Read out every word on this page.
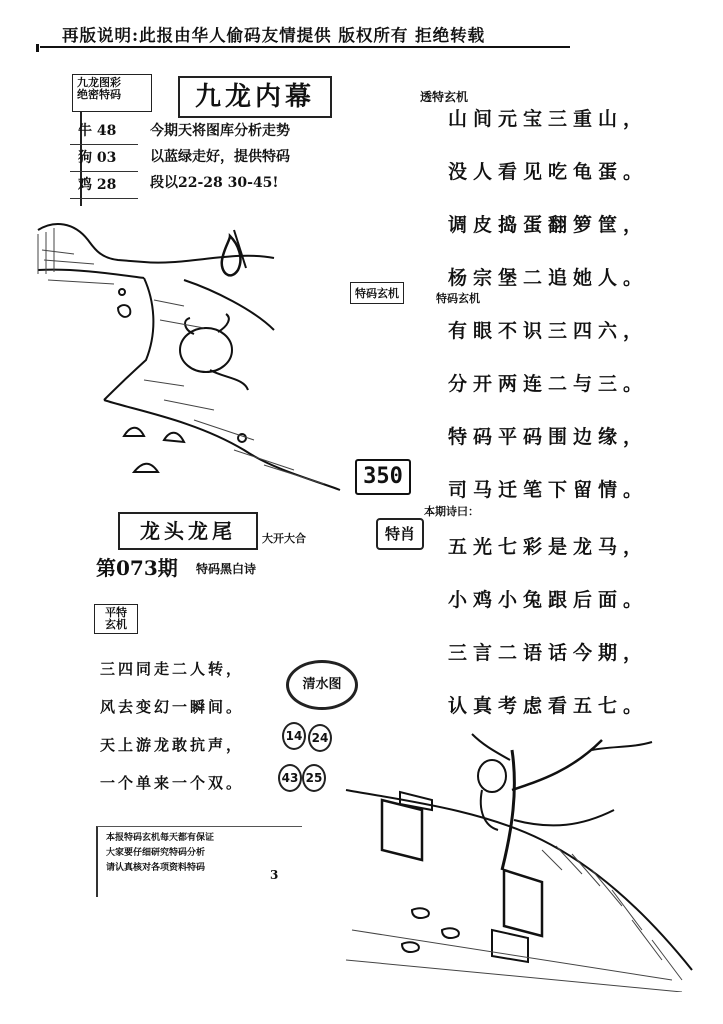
再版说明:此报由华人偷码友情提供 版权所有 拒绝转载
九龙图彩
绝密特码	九龙内幕
牛 48
狗 03
鸡 28
今期天将图库分析走势
以蓝绿走好，提供特码
段以22-28 30-45!
透特玄机
山间元宝三重山，
没人看见吃龟蛋。
调皮捣蛋翻箩筐，
杨宗堡二追她人。
特码玄机	特码玄机
有眼不识三四六，
分开两连二与三。
特码平码围边缘，
司马迁笔下留情。
350
本期诗曰：
特肖
五光七彩是龙马，
小鸡小兔跟后面。
三言二语话今期，
认真考虑看五七。
龙头龙尾	大开大合
第073期 特码黑白诗
平特
玄机
三四同走二人转，
风去变幻一瞬间。
天上游龙敢抗声，
一个单来一个双。
清水图
14 24
43 25
本报特码玄机每天都有保证
大家要仔细研究特码分析
请认真核对各项资料特码	3
